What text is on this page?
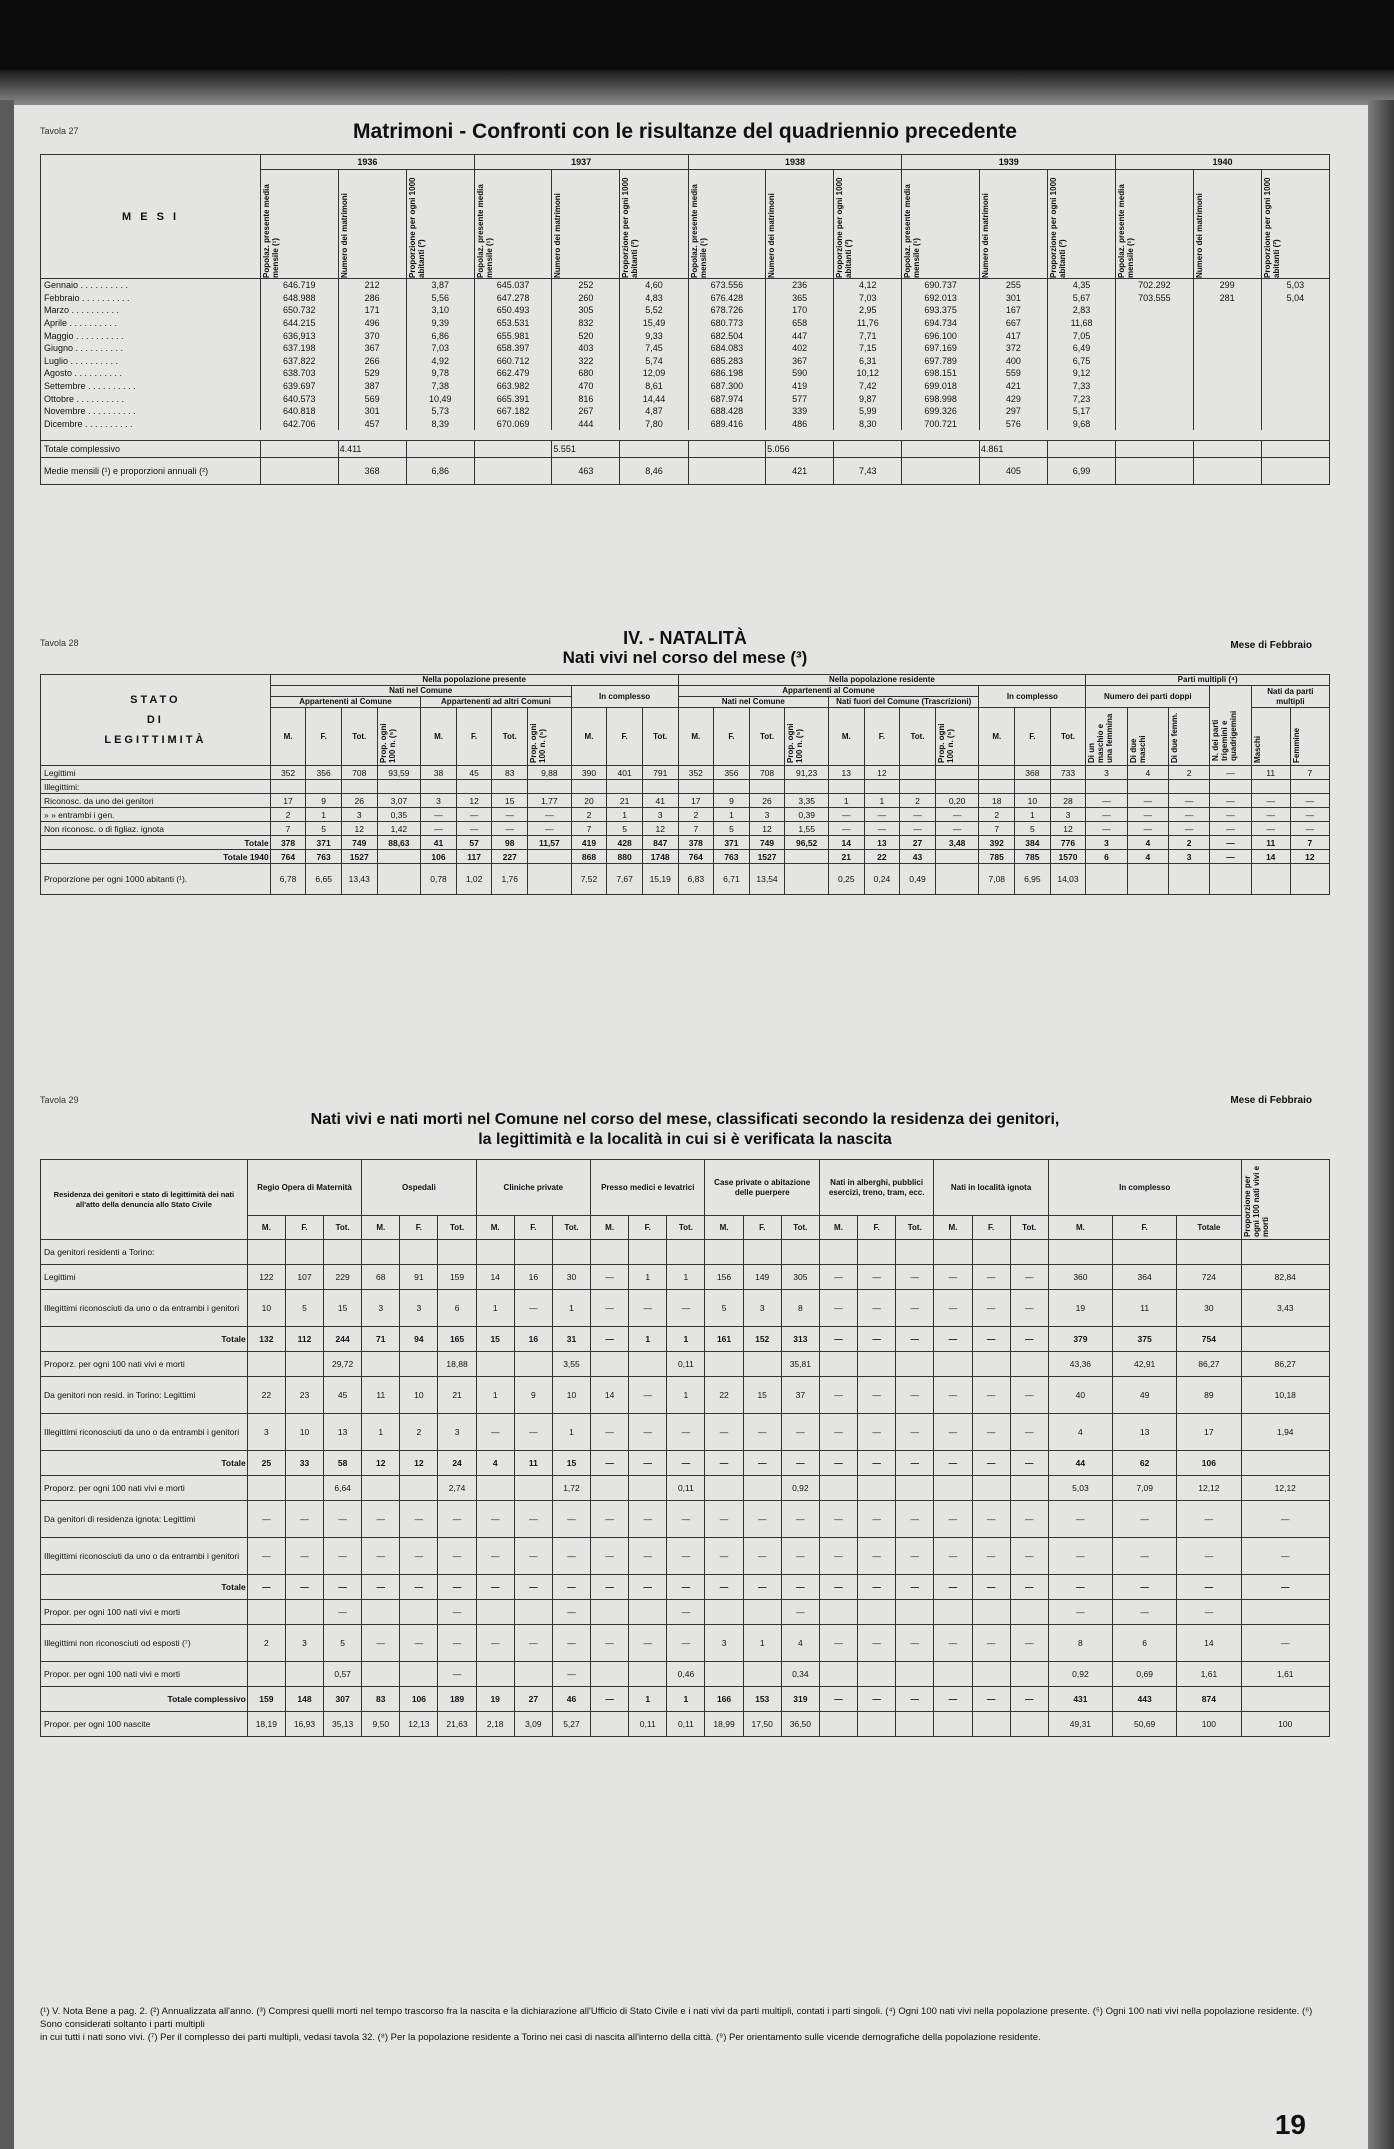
Tavola 27	Matrimoni - Confronti con le risultanze del quadriennio precedente
M E S I	1936			1937			1938			1939			1940		

	Popolaz. presente media mensile (¹)	Numero dei matrimoni	Proporzione per ogni 1000 abitanti (²)	Popolaz. presente media mensile (¹)	Numero dei matrimoni	Proporzione per ogni 1000 abitanti (²)	Popolaz. presente media mensile (¹)	Numero dei matrimoni	Proporzione per ogni 1000 abitanti (²)	Popolaz. presente media mensile (¹)	Numero dei matrimoni	Proporzione per ogni 1000 abitanti (²)	Popolaz. presente media mensile (¹)	Numero dei matrimoni	Proporzione per ogni 1000 abitanti (²)

Gennaio . . . . . . . . . .	646.719	212	3,87	645.037	252	4,60	673.556	236	4,12	690.737	255	4,35	702.292	299	5,03
Febbraio . . . . . . . . . .	648.988	286	5,56	647.278	260	4,83	676.428	365	7,03	692.013	301	5,67	703.555	281	5,04
Marzo . . . . . . . . . .	650.732	171	3,10	650.493	305	5,52	678.726	170	2,95	693.375	167	2,83			
Aprile . . . . . . . . . .	644.215	496	9,39	653.531	832	15,49	680.773	658	11,76	694.734	667	11,68			
Maggio . . . . . . . . . .	636,913	370	6,86	655.981	520	9,33	682.504	447	7,71	696.100	417	7,05			
Giugno . . . . . . . . . .	637.198	367	7,03	658.397	403	7,45	684.083	402	7,15	697.169	372	6,49			
Luglio . . . . . . . . . .	637.822	266	4,92	660.712	322	5,74	685.283	367	6,31	697.789	400	6,75			
Agosto . . . . . . . . . .	638.703	529	9,78	662.479	680	12,09	686.198	590	10,12	698.151	559	9,12			
Settembre . . . . . . . . . .	639.697	387	7,38	663.982	470	8,61	687.300	419	7,42	699.018	421	7,33			
Ottobre . . . . . . . . . .	640.573	569	10,49	665.391	816	14,44	687.974	577	9,87	698.998	429	7,23			
Novembre . . . . . . . . . .	640.818	301	5,73	667.182	267	4,87	688.428	339	5,99	699.326	297	5,17			
Dicembre . . . . . . . . . .	642.706	457	8,39	670.069	444	7,80	689.416	486	8,30	700.721	576	9,68			

Totale complessivo		4.411			5.551			5.056			4.861				
Medie mensili (¹) e proporzioni annuali (²)		368	6,86		463	8,46		421	7,43		405	6,99			
Tavola 28	IV. - NATALITÀ
Nati vivi nel corso del mese (³)
Mese di Febbraio
STATO
DI
LEGITTIMITÀ	Nella popolazione presente											Nella popolazione residente											Parti multipli (⁴)					
	Nati nel Comune								In complesso			Appartenenti al Comune								In complesso			Numero dei parti doppi			N. dei parti trigemini e quadrigemini	Nati da parti multipli	
	Appartenenti al Comune				Appartenenti ad altri Comuni							Nati nel Comune				Nati fuori del Comune (Trascrizioni)												
	M.	F.	Tot.	Prop. ogni 100 n. (⁵)	M.	F.	Tot.	Prop. ogni 100 n. (⁵)	M.	F.	Tot.	M.	F.	Tot.	Prop. ogni 100 n. (⁵)	M.	F.	Tot.	Prop. ogni 100 n. (⁵)	M.	F.	Tot.	Di un maschio e una femmina	Di due maschi	Di due femm.		Maschi	Femmine

Legittimi	352	356	708	93,59	38	45	83	9,88	390	401	791	352	356	708	91,23	13	12				368	733	3	4	2	—	11	7
Illegittimi:																												
Riconosc. da uno dei genitori	17	9	26	3,07	3	12	15	1,77	20	21	41	17	9	26	3,35	1	1	2	0,20	18	10	28	—	—	—	—	—	—
» » entrambi i gen.	2	1	3	0,35	—	—	—	—	2	1	3	2	1	3	0,39	—	—	—	—	2	1	3	—	—	—	—	—	—
Non riconosc. o di figliaz. ignota	7	5	12	1,42	—	—	—	—	7	5	12	7	5	12	1,55	—	—	—	—	7	5	12	—	—	—	—	—	—
Totale	378	371	749	88,63	41	57	98	11,57	419	428	847	378	371	749	96,52	14	13	27	3,48	392	384	776	3	4	2	—	11	7
Totale 1940	764	763	1527		106	117	227		868	880	1748	764	763	1527		21	22	43		785	785	1570	6	4	3	—	14	12
Proporzione per ogni 1000 abitanti (¹).	6,78	6,65	13,43		0,78	1,02	1,76		7,52	7,67	15,19	6,83	6,71	13,54		0,25	0,24	0,49		7,08	6,95	14,03						
Tavola 29	Mese di Febbraio
Nati vivi e nati morti nel Comune nel corso del mese, classificati secondo la residenza dei genitori,
la legittimità e la località in cui si è verificata la nascita
Residenza dei genitori e stato di legittimità dei nati all'atto della denuncia allo Stato Civile	Regio Opera di Maternità			Ospedali			Cliniche private			Presso medici e levatrici			Case private o abitazione delle puerpere			Nati in alberghi, pubblici esercizi, treno, tram, ecc.			Nati in località ignota			In complesso			Proporzione per ogni 100 nati vivi e morti

	M.	F.	Tot.	M.	F.	Tot.	M.	F.	Tot.	M.	F.	Tot.	M.	F.	Tot.	M.	F.	Tot.	M.	F.	Tot.	M.	F.	Totale	
Da genitori residenti a Torino:																									
Legittimi	122	107	229	68	91	159	14	16	30	—	1	1	156	149	305	—	—	—	—	—	—	360	364	724	82,84
Illegittimi riconosciuti da uno o da entrambi i genitori	10	5	15	3	3	6	1	—	1	—	—	—	5	3	8	—	—	—	—	—	—	19	11	30	3,43
Totale	132	112	244	71	94	165	15	16	31	—	1	1	161	152	313	—	—	—	—	—	—	379	375	754	
Proporz. per ogni 100 nati vivi e morti			29,72			18,88			3,55			0,11			35,81							43,36	42,91	86,27	86,27
Da genitori non resid. in Torino: Legittimi	22	23	45	11	10	21	1	9	10	14	—	1	22	15	37	—	—	—	—	—	—	40	49	89	10,18
Illegittimi riconosciuti da uno o da entrambi i genitori	3	10	13	1	2	3	—	—	1	—	—	—	—	—	—	—	—	—	—	—	—	4	13	17	1,94
Totale	25	33	58	12	12	24	4	11	15	—	—	—	—	—	—	—	—	—	—	—	—	44	62	106	
Proporz. per ogni 100 nati vivi e morti			6,64			2,74			1,72			0,11			0,92							5,03	7,09	12,12	12,12
Da genitori di residenza ignota: Legittimi	—	—	—	—	—	—	—	—	—	—	—	—	—	—	—	—	—	—	—	—	—	—	—	—	—
Illegittimi riconosciuti da uno o da entrambi i genitori	—	—	—	—	—	—	—	—	—	—	—	—	—	—	—	—	—	—	—	—	—	—	—	—	—
Totale	—	—	—	—	—	—	—	—	—	—	—	—	—	—	—	—	—	—	—	—	—	—	—	—	—
Propor. per ogni 100 nati vivi e morti			—			—			—			—			—							—	—	—	
Illegittimi non riconosciuti od esposti (⁷)	2	3	5	—	—	—	—	—	—	—	—	—	3	1	4	—	—	—	—	—	—	8	6	14	—
Propor. per ogni 100 nati vivi e morti			0,57			—			—			0,46			0,34							0,92	0,69	1,61	1,61
Totale complessivo	159	148	307	83	106	189	19	27	46	—	1	1	166	153	319	—	—	—	—	—	—	431	443	874	
Propor. per ogni 100 nascite	18,19	16,93	35,13	9,50	12,13	21,63	2,18	3,09	5,27		0,11	0,11	18,99	17,50	36,50							49,31	50,69	100	100
(¹) V. Nota Bene a pag. 2. (²) Annualizzata all'anno. (³) Compresi quelli morti nel tempo trascorso fra la nascita e la dichiarazione all'Ufficio di Stato Civile e i nati vivi da parti multipli, contati i parti singoli. (⁴) Ogni 100 nati vivi nella popolazione presente. (⁵) Ogni 100 nati vivi nella popolazione residente. (⁶) Sono considerati soltanto i parti multipli
in cui tutti i nati sono vivi. (⁷) Per il complesso dei parti multipli, vedasi tavola 32. (⁸) Per la popolazione residente a Torino nei casi di nascita all'interno della città. (⁹) Per orientamento sulle vicende demografiche della popolazione residente.
19
